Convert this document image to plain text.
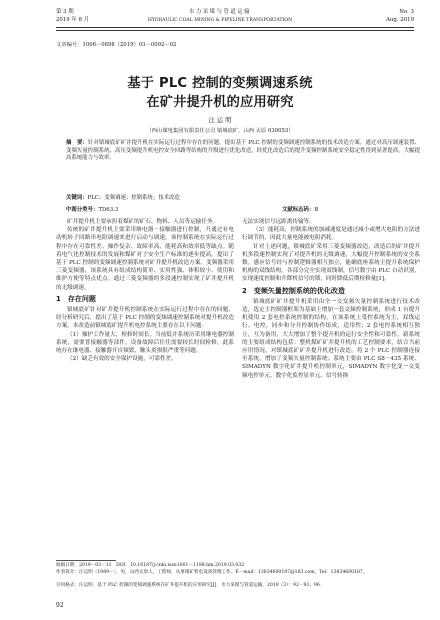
第 3 期
2019 年 8 月
水力采煤与管道运输
HYDRAULIC COAL MINING & PIPELINE TRANSPORTATION
No. 3
Aug. 2019
文章编号：1006－0898（2019）03－0092－02
基于 PLC 控制的变频调速系统
在矿井提升机的应用研究
汪 运 明
（西山煤电集团有限责任公司 镇城底矿，山西 太原 030053）
摘　要：针对镇城底矿矿井提升机在实际运行过程中存在的问题，提出基于 PLC 控制的变频调速控制系统的技术改造方案，通过对高压调速装置、变频矢量控制系统、高压变频提升机电控安全回路等结构的升级进行优化改造，经优化改造后的提升变频控制系统安全稳定性得到显著提高，大幅提高系统能力与效率。
关键词：PLC；变频调速；控制系统；技术改造
中图分类号：TD63.3	文献标志码：B

矿井提升机主要承担着煤矿的矿石、物料、人员等运输任务。

传统的矿井提升机主要采用继电器－接触器进行控制，升通过有电动机转子回路串电阻调速来进行启动与调速，该控制系统在实际运行过程中存在可靠性差、操作复杂、故障率高、能耗高和效率低等缺点。随着电气化控制技术的发展和煤矿对于安全生产标准的逐步提高，提出了基于 PLC 控制的变频调速控制系统对矿井提升机改造方案。变频器采用三菱变频器，该系统具有组成结构简单、实用性强、体积较小、使用和维护方便等特点优点。通过三菱变频器的多段速控制实现了矿井提升机的无级调速。

1　存在问题

镇城底矿针对矿井提升机控制系统在实际运行过程中存在的问题，经分析研究后，提出了基于 PLC 控制的变频调速控制系统对提升机改造方案。本改造前镇城底矿提升机电控系统主要存在以下问题：

（1）操护工作量大，检修时间长。当前低并系统历采用继电器控制系统，需要普接触器等部件，设备故障后往往需要较长时间检修，此系统存在继电器、接触器开自频繁，触头炎损很严重等问题。

（2）缺乏有效的安全保护设施，可靠性差，

无法实现信号远距离传输等。

（3）能耗高，控制系统的加减速度是通过减小或增大电阻的方法进行调节的，因此大量电能被电阻消耗。

针对上述问题，镇城底矿采用三菱变频器改造，改造后的矿井提升机多段速控制实现了对提升机的无级调速，大幅提升控制系统的安全系数。感应信号经与控制逻辑器相互独立，能确底座系统主提升系统保护机构的双线结构，各部分完全实现双线制，信号数字由 PLC 自动识别，实现速度控制和升降机信号的锁，同时降低后期检修量[1]。

2　变频矢量控制系统的优化改造

镇城底矿矿井提升机采用由全一交变频矢量控制系统进行技术改造，选定主控制器框架为基础上增加一套交频控制系统，形成 1 台提升机使用 2 套电控系统控制的结构。在该系统上受控系统为主，双线运行，电控、同步和分开控制协作组成，适用性；2 套电控系统相互独立，互为备用，大大增加了整个提升机的运行安全性和可靠性。新系统的主要组成结构包括：整机煤矿矿井提升机的工艺控制要求，结合当前应用情况，对镇城底矿矿井提升机进行改造，将 2 个 PLC 控制器连接至系统，增加了变频矢量控制系统；系统主要由 PLC S8－435 系统、SIMADYN 数字化矿井提升机控制单元，SIMADYN 数字化变一交变频电控单元、数字化监控显单元、信号转换

收稿日期：2019－03－11　DOI：10.16187/j.cnki.issn1001－1188.hm.2019.03.032
作者简介：汪运明（1989－），男，山西太原人，工程师，从事煤矿机电设备管理工作。E－mail：13834600187@163.com，Tel：13834600187。
引用格式：汪运明．基于 PLC 控制的变频调速系统在矿井提升机的应用研究[J]．水力采煤与管道运输，2019（3）：92－93，96．
92
